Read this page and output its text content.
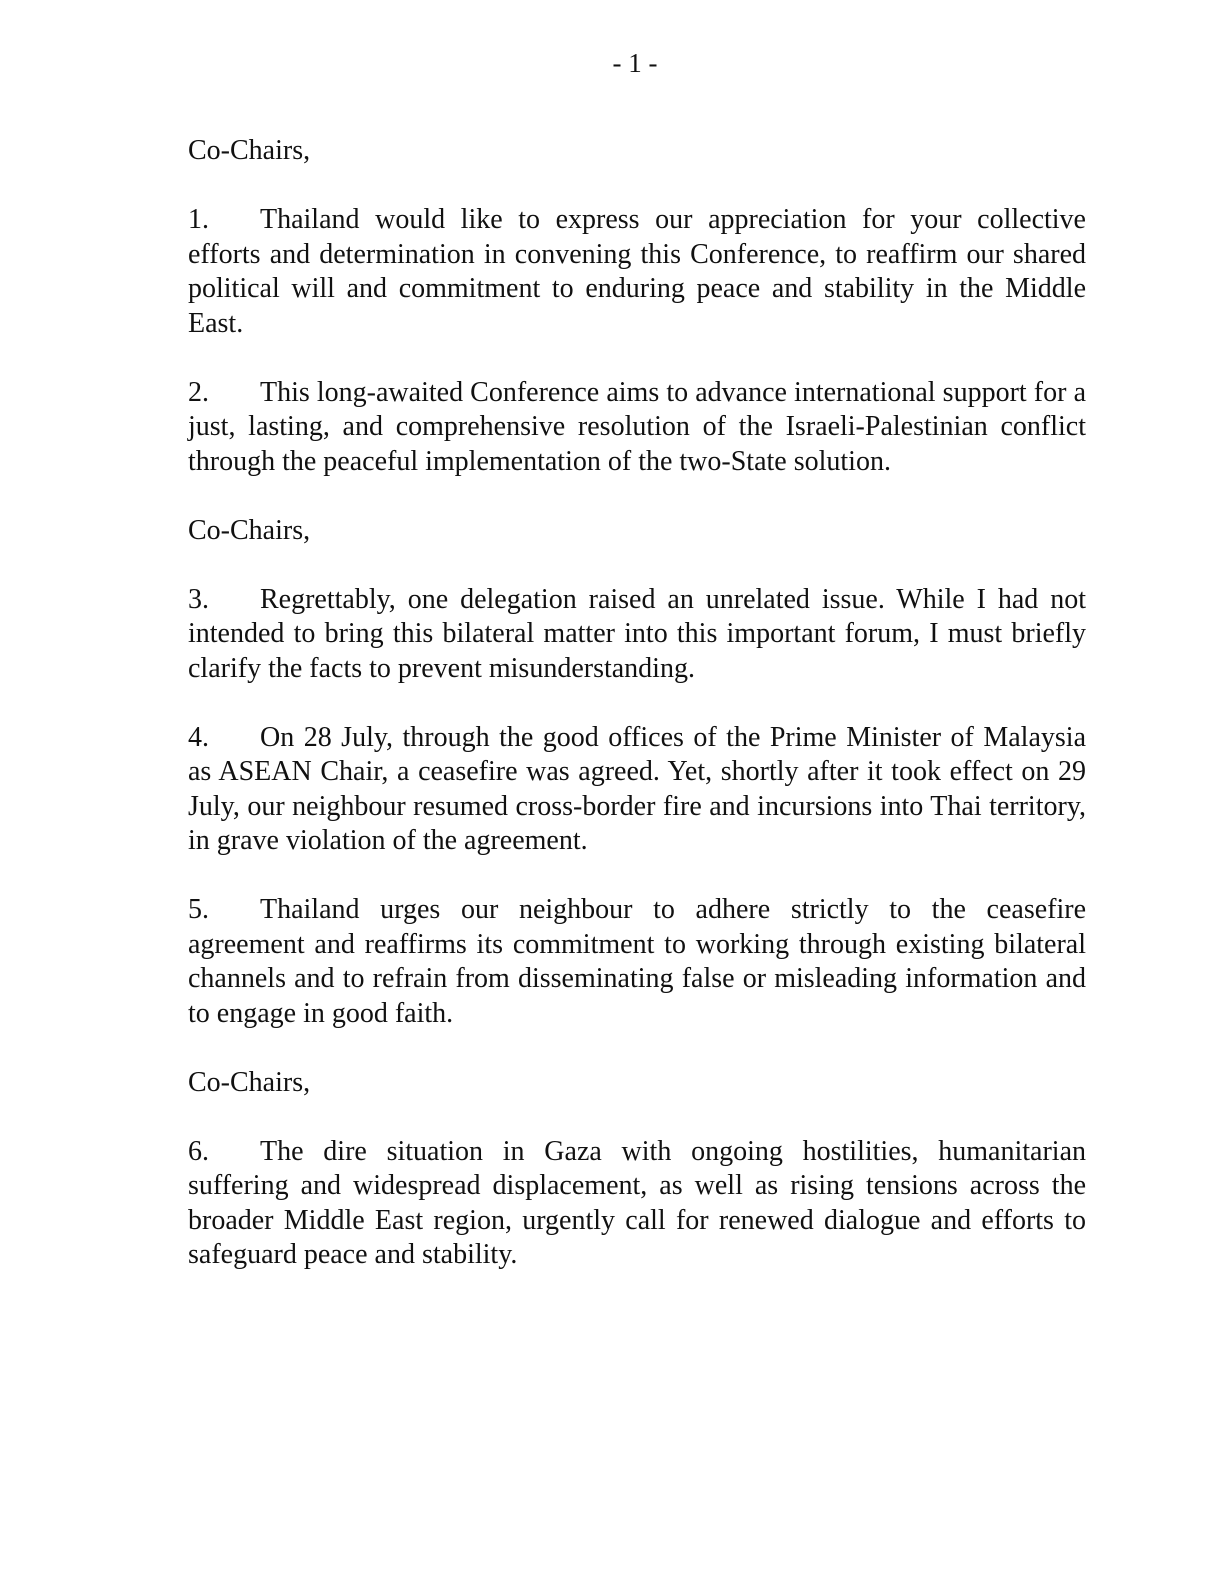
- 1 -

Co-Chairs,

1. Thailand would like to express our appreciation for your collective efforts and determination in convening this Conference, to reaffirm our shared political will and commitment to enduring peace and stability in the Middle East.

2. This long-awaited Conference aims to advance international support for a just, lasting, and comprehensive resolution of the Israeli-Palestinian conflict through the peaceful implementation of the two-State solution.

Co-Chairs,

3. Regrettably, one delegation raised an unrelated issue. While I had not intended to bring this bilateral matter into this important forum, I must briefly clarify the facts to prevent misunderstanding.

4. On 28 July, through the good offices of the Prime Minister of Malaysia as ASEAN Chair, a ceasefire was agreed. Yet, shortly after it took effect on 29 July, our neighbour resumed cross-border fire and incursions into Thai territory, in grave violation of the agreement.

5. Thailand urges our neighbour to adhere strictly to the ceasefire agreement and reaffirms its commitment to working through existing bilateral channels and to refrain from disseminating false or misleading information and to engage in good faith.

Co-Chairs,

6. The dire situation in Gaza with ongoing hostilities, humanitarian suffering and widespread displacement, as well as rising tensions across the broader Middle East region, urgently call for renewed dialogue and efforts to safeguard peace and stability.
